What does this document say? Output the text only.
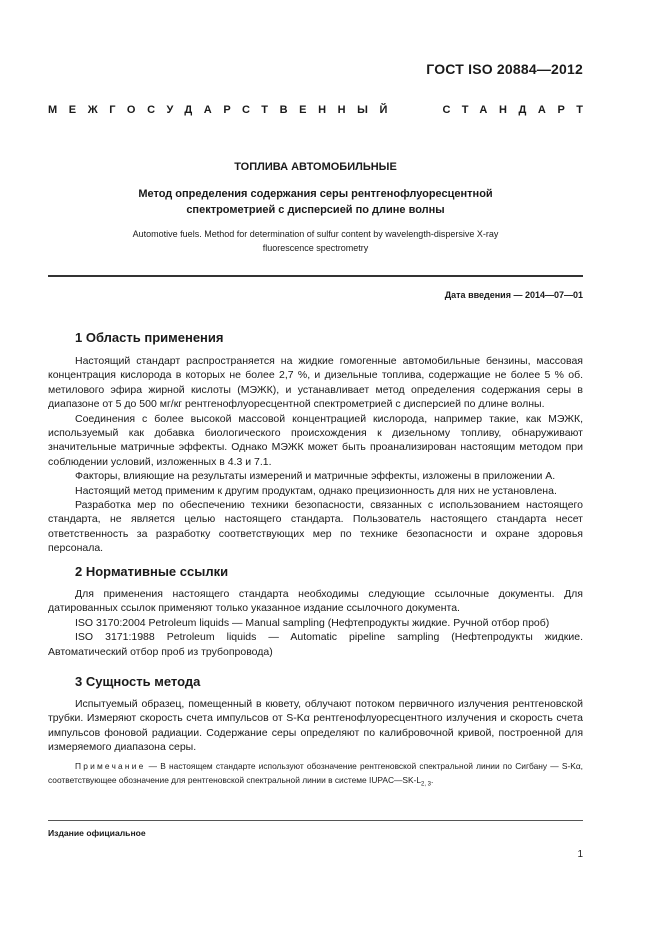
ГОСТ ISO 20884—2012
МЕЖГОСУДАРСТВЕННЫЙ	СТАНДАРТ
ТОПЛИВА АВТОМОБИЛЬНЫЕ
Метод определения содержания серы рентгенофлуоресцентной спектрометрией с дисперсией по длине волны
Automotive fuels. Method for determination of sulfur content by wavelength-dispersive X-ray fluorescence spectrometry
Дата введения — 2014—07—01
1 Область применения

Настоящий стандарт распространяется на жидкие гомогенные автомобильные бензины, массовая концентрация кислорода в которых не более 2,7 %, и дизельные топлива, содержащие не более 5 % об. метилового эфира жирной кислоты (МЭЖК), и устанавливает метод определения содержания серы в диапазоне от 5 до 500 мг/кг рентгенофлуоресцентной спектрометрией с дисперсией по длине волны.

Соединения с более высокой массовой концентрацией кислорода, например такие, как МЭЖК, используемый как добавка биологического происхождения к дизельному топливу, обнаруживают значительные матричные эффекты. Однако МЭЖК может быть проанализирован настоящим методом при соблюдении условий, изложенных в 4.3 и 7.1.

Факторы, влияющие на результаты измерений и матричные эффекты, изложены в приложении А.

Настоящий метод применим к другим продуктам, однако прецизионность для них не установлена.

Разработка мер по обеспечению техники безопасности, связанных с использованием настоящего стандарта, не является целью настоящего стандарта. Пользователь настоящего стандарта несет ответственность за разработку соответствующих мер по технике безопасности и охране здоровья персонала.

2 Нормативные ссылки

Для применения настоящего стандарта необходимы следующие ссылочные документы. Для датированных ссылок применяют только указанное издание ссылочного документа.

ISO 3170:2004 Petroleum liquids — Manual sampling (Нефтепродукты жидкие. Ручной отбор проб)

ISO 3171:1988 Petroleum liquids — Automatic pipeline sampling (Нефтепродукты жидкие. Автоматический отбор проб из трубопровода)

3 Сущность метода

Испытуемый образец, помещенный в кювету, облучают потоком первичного излучения рентгеновской трубки. Измеряют скорость счета импульсов от S-Kα рентгенофлуоресцентного излучения и скорость счета импульсов фоновой радиации. Содержание серы определяют по калибровочной кривой, построенной для измеряемого диапазона серы.

Примечание — В настоящем стандарте используют обозначение рентгеновской спектральной линии по Сигбану — S-Kα, соответствующее обозначение для рентгеновской спектральной линии в системе $IUPAC—SK-L_{2, 3}$.

Издание официальное
1
